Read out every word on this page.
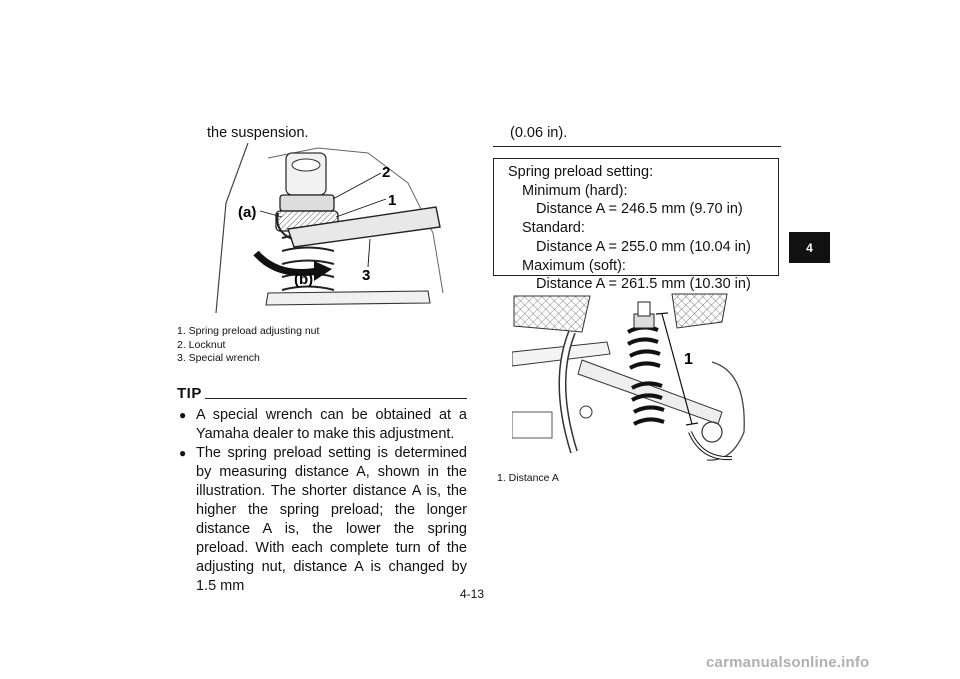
the suspension.
(a)
(b)
2
1
3
1. Spring preload adjusting nut
2. Locknut
3. Special wrench
TIP
● A special wrench can be obtained at a Yamaha dealer to make this adjustment.
● The spring preload setting is determined by measuring distance A, shown in the illustration. The shorter distance A is, the higher the spring preload; the longer distance A is, the lower the spring preload. With each complete turn of the adjusting nut, distance A is changed by 1.5 mm
(0.06 in).
Spring preload setting:
Minimum (hard):
Distance A = 246.5 mm (9.70 in)
Standard:
Distance A = 255.0 mm (10.04 in)
Maximum (soft):
Distance A = 261.5 mm (10.30 in)
1
1. Distance A
4
4-13
carmanualsonline.info
